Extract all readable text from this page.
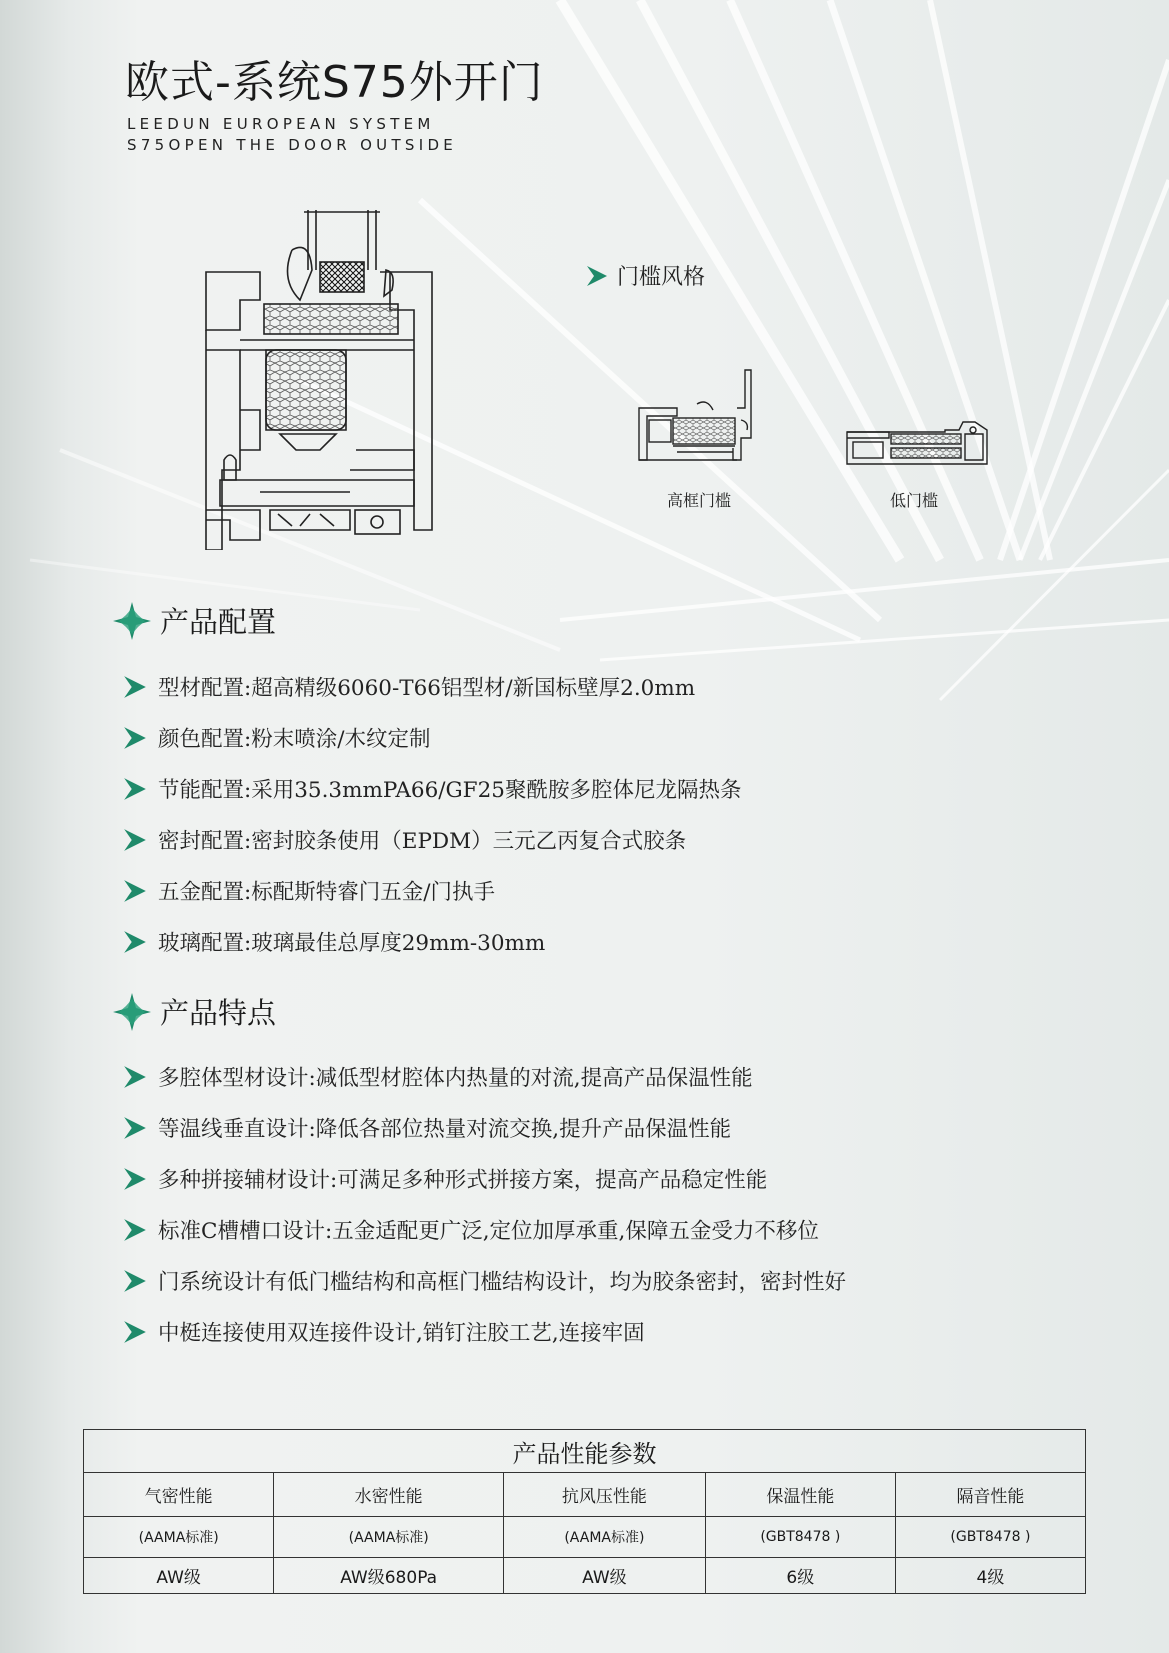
欧式-系统S75外开门
LEEDUN EUROPEAN SYSTEM
S75OPEN THE DOOR OUTSIDE
门槛风格
高框门槛	低门槛
产品配置
型材配置:超高精级6060-T66铝型材/新国标壁厚2.0mm
颜色配置:粉末喷涂/木纹定制
节能配置:采用35.3mmPA66/GF25聚酰胺多腔体尼龙隔热条
密封配置:密封胶条使用（EPDM）三元乙丙复合式胶条
五金配置:标配斯特睿门五金/门执手
玻璃配置:玻璃最佳总厚度29mm-30mm
产品特点
多腔体型材设计:减低型材腔体内热量的对流,提高产品保温性能
等温线垂直设计:降低各部位热量对流交换,提升产品保温性能
多种拼接辅材设计:可满足多种形式拼接方案，提高产品稳定性能
标准C槽槽口设计:五金适配更广泛,定位加厚承重,保障五金受力不移位
门系统设计有低门槛结构和高框门槛结构设计，均为胶条密封，密封性好
中梃连接使用双连接件设计,销钉注胶工艺,连接牢固
产品性能参数				
气密性能	水密性能	抗风压性能	保温性能	隔音性能
(AAMA标准)	(AAMA标准)	(AAMA标准)	(GBT8478 )	(GBT8478 )
AW级	AW级680Pa	AW级	6级	4级
